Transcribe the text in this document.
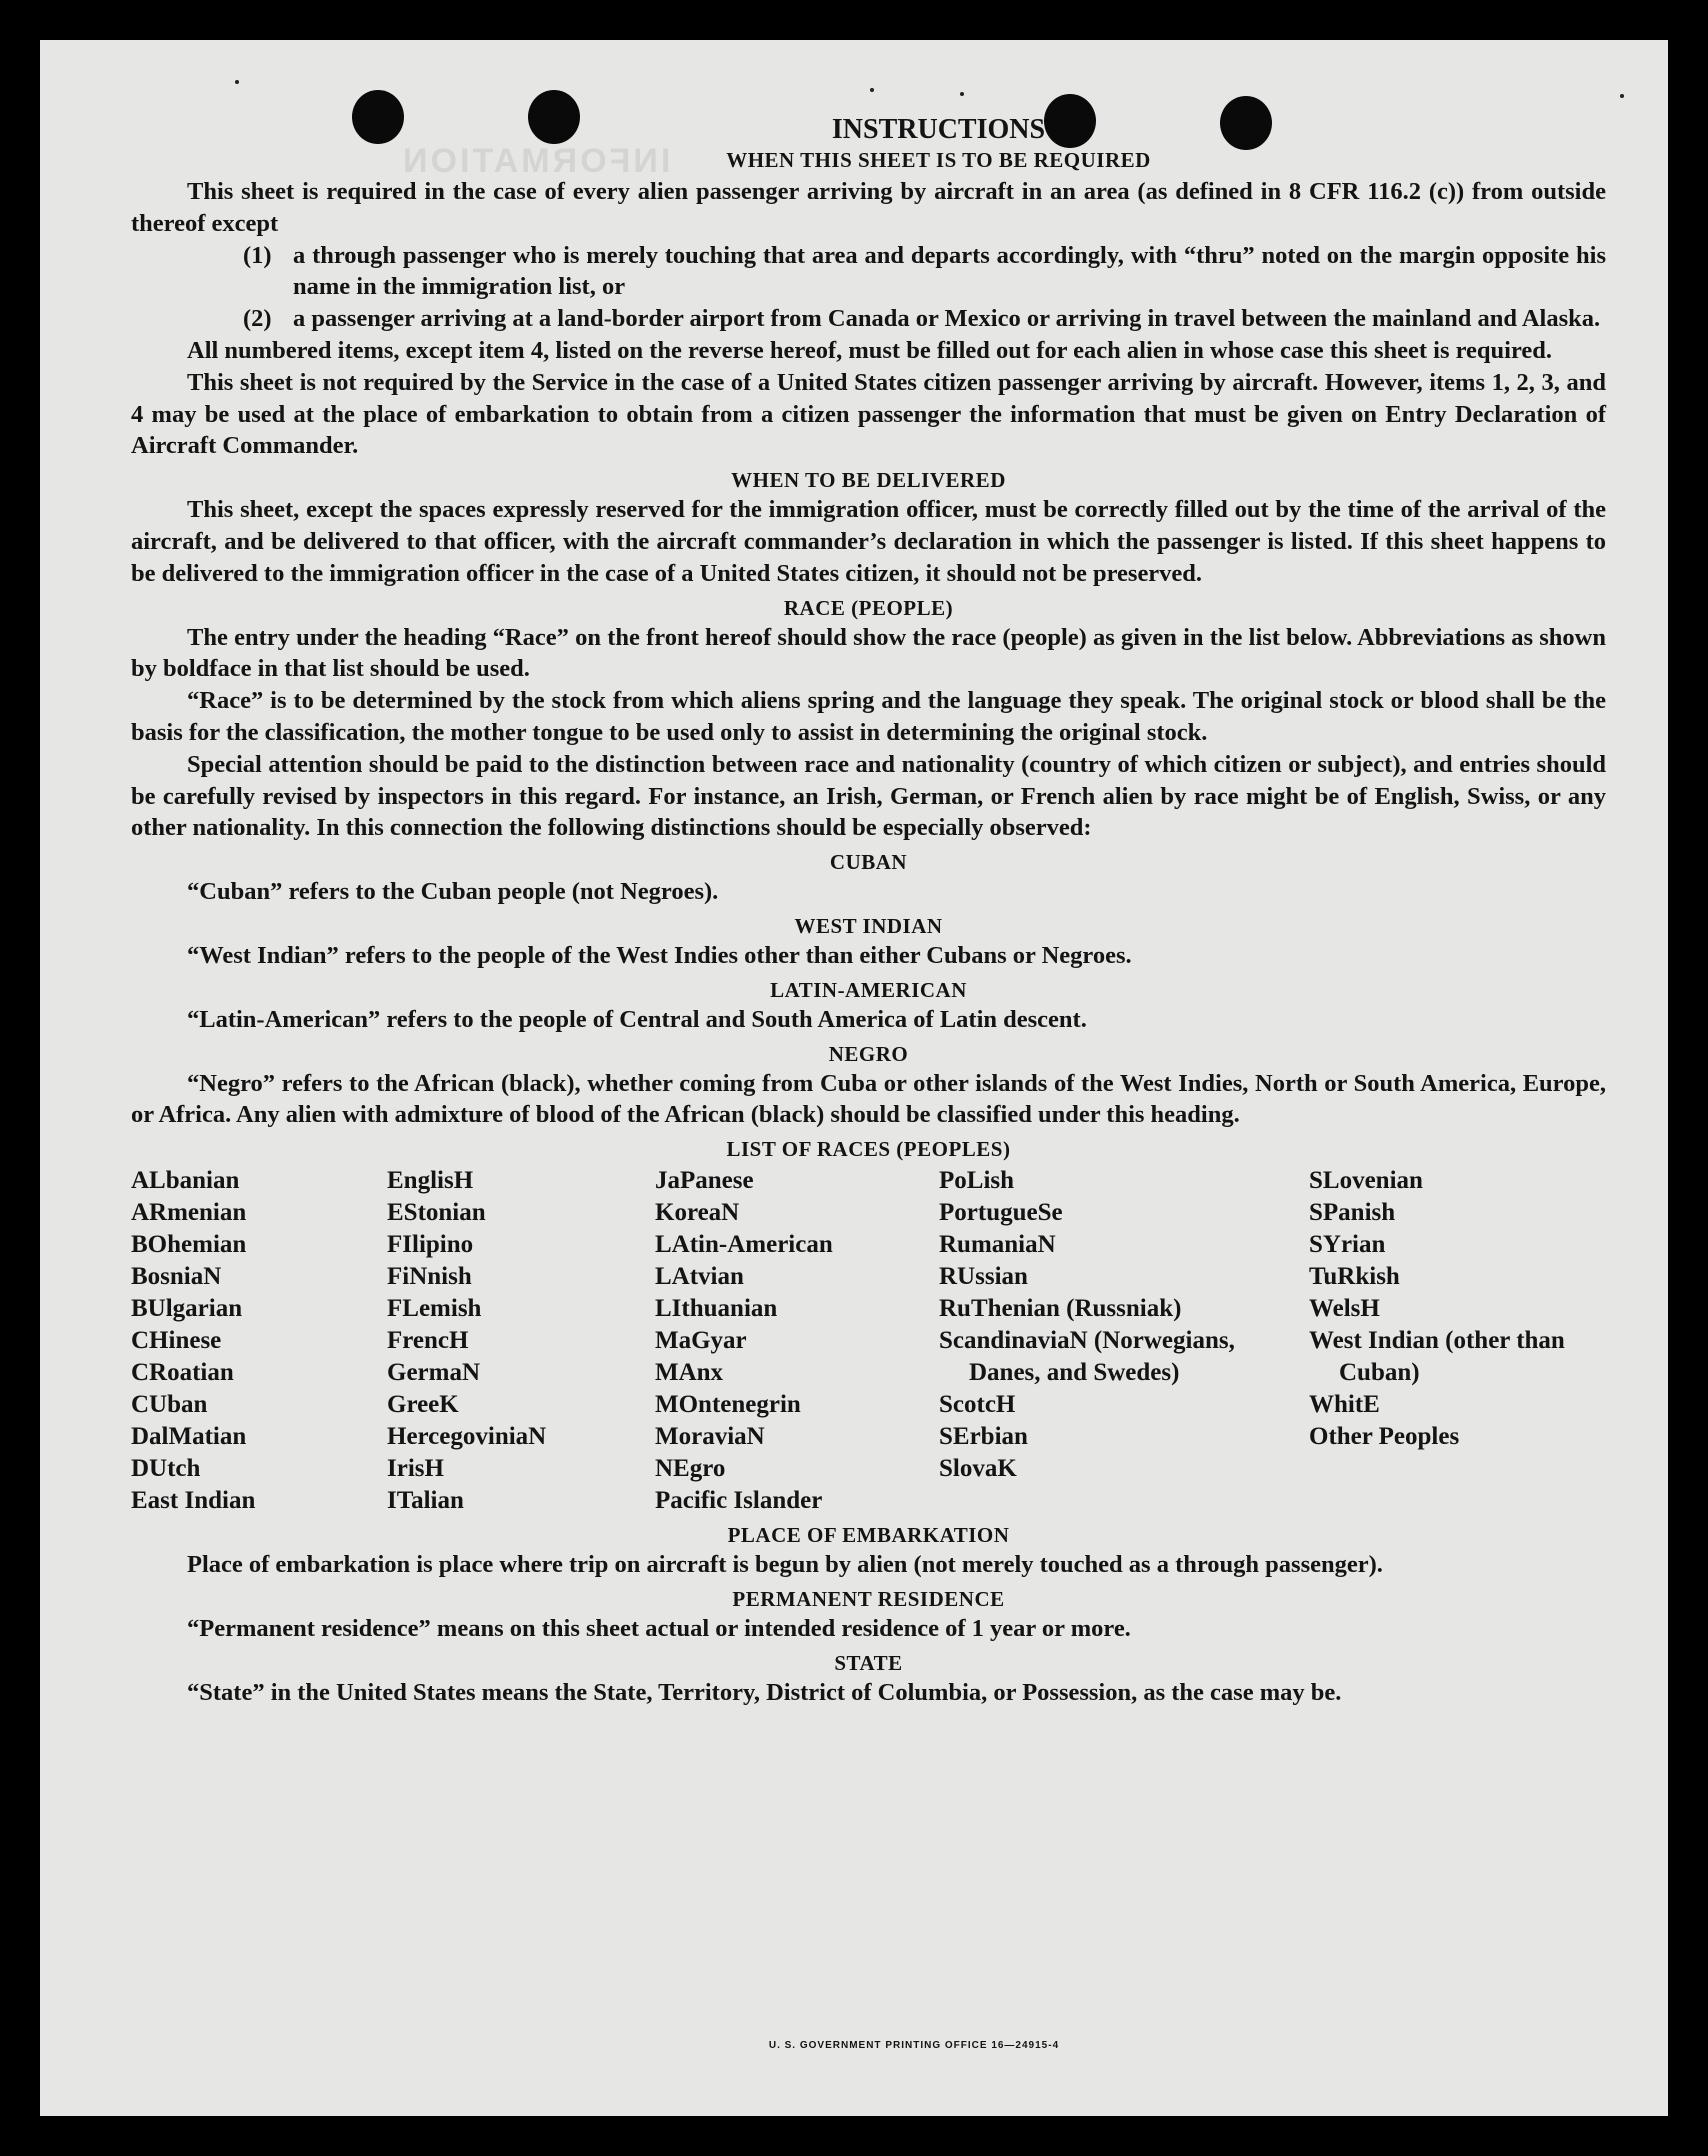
INFORMATION
INSTRUCTIONS
WHEN THIS SHEET IS TO BE REQUIRED

This sheet is required in the case of every alien passenger arriving by aircraft in an area (as defined in 8 CFR 116.2 (c)) from outside thereof except

(1) a through passenger who is merely touching that area and departs accordingly, with “thru” noted on the margin opposite his name in the immigration list, or
(2) a passenger arriving at a land-border airport from Canada or Mexico or arriving in travel between the mainland and Alaska.

All numbered items, except item 4, listed on the reverse hereof, must be filled out for each alien in whose case this sheet is required.

This sheet is not required by the Service in the case of a United States citizen passenger arriving by aircraft. However, items 1, 2, 3, and 4 may be used at the place of embarkation to obtain from a citizen passenger the information that must be given on Entry Declaration of Aircraft Commander.

WHEN TO BE DELIVERED

This sheet, except the spaces expressly reserved for the immigration officer, must be correctly filled out by the time of the arrival of the aircraft, and be delivered to that officer, with the aircraft commander’s declaration in which the passenger is listed. If this sheet happens to be delivered to the immigration officer in the case of a United States citizen, it should not be preserved.

RACE (PEOPLE)

The entry under the heading “Race” on the front hereof should show the race (people) as given in the list below. Abbreviations as shown by boldface in that list should be used.

“Race” is to be determined by the stock from which aliens spring and the language they speak. The original stock or blood shall be the basis for the classification, the mother tongue to be used only to assist in determining the original stock.

Special attention should be paid to the distinction between race and nationality (country of which citizen or subject), and entries should be carefully revised by inspectors in this regard. For instance, an Irish, German, or French alien by race might be of English, Swiss, or any other nationality. In this connection the following distinctions should be especially observed:

CUBAN

“Cuban” refers to the Cuban people (not Negroes).

WEST INDIAN

“West Indian” refers to the people of the West Indies other than either Cubans or Negroes.

LATIN-AMERICAN

“Latin-American” refers to the people of Central and South America of Latin descent.

NEGRO

“Negro” refers to the African (black), whether coming from Cuba or other islands of the West Indies, North or South America, Europe, or Africa. Any alien with admixture of blood of the African (black) should be classified under this heading.

LIST OF RACES (PEOPLES)
ALbanian
ARmenian
BOhemian
BosniaN
BUlgarian
CHinese
CRoatian
CUban
DalMatian
DUtch
East Indian
EnglisH
EStonian
FIlipino
FiNnish
FLemish
FrencH
GermaN
GreeK
HercegoviniaN
IrisH
ITalian
JaPanese
KoreaN
LAtin-American
LAtvian
LIthuanian
MaGyar
MAnx
MOntenegrin
MoraviaN
NEgro
Pacific Islander
PoLish
PortugueSe
RumaniaN
RUssian
RuThenian (Russniak)
ScandinaviaN (Norwegians, Danes, and Swedes)
ScotcH
SErbian
SlovaK
SLovenian
SPanish
SYrian
TuRkish
WelsH
West Indian (other than Cuban)
WhitE
Other Peoples
PLACE OF EMBARKATION

Place of embarkation is place where trip on aircraft is begun by alien (not merely touched as a through passenger).

PERMANENT RESIDENCE

“Permanent residence” means on this sheet actual or intended residence of 1 year or more.

STATE

“State” in the United States means the State, Territory, District of Columbia, or Possession, as the case may be.

U. S. GOVERNMENT PRINTING OFFICE 16—24915-4
